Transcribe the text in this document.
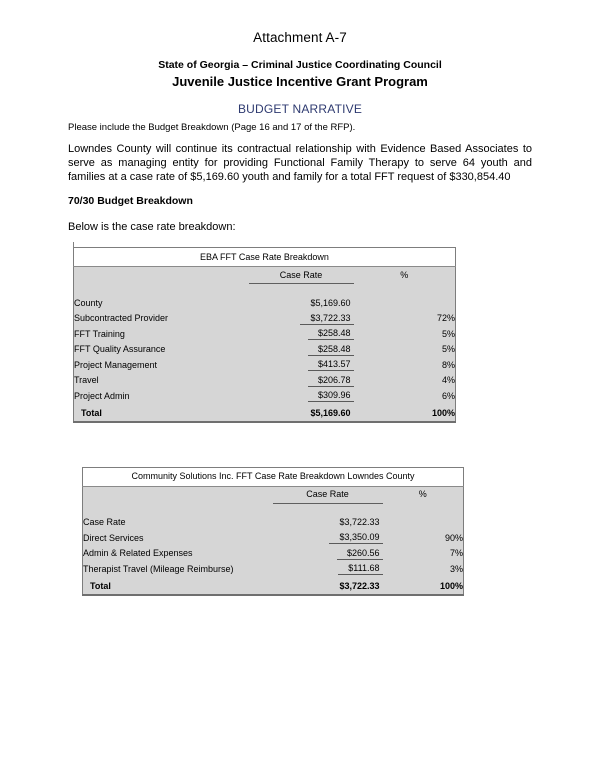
Attachment A-7
State of Georgia – Criminal Justice Coordinating Council
Juvenile Justice Incentive Grant Program
BUDGET NARRATIVE
Please include the Budget Breakdown (Page 16 and 17 of the RFP).
Lowndes County will continue its contractual relationship with Evidence Based Associates to serve as managing entity for providing Functional Family Therapy to serve 64 youth and families at a case rate of $5,169.60 youth and family for a total FFT request of $330,854.40
70/30 Budget Breakdown
Below is the case rate breakdown:
EBA FFT Case Rate Breakdown		
	Case Rate	%

County	$5,169.60	
Subcontracted Provider	$3,722.33	72%
FFT Training	$258.48	5%
FFT Quality Assurance	$258.48	5%
Project Management	$413.57	8%
Travel	$206.78	4%
Project Admin	$309.96	6%
Total	$5,169.60	100%
Community Solutions Inc. FFT Case Rate Breakdown Lowndes County		
	Case Rate	%

Case Rate	$3,722.33	
Direct Services	$3,350.09	90%
Admin & Related Expenses	$260.56	7%
Therapist Travel (Mileage Reimburse)	$111.68	3%
Total	$3,722.33	100%
